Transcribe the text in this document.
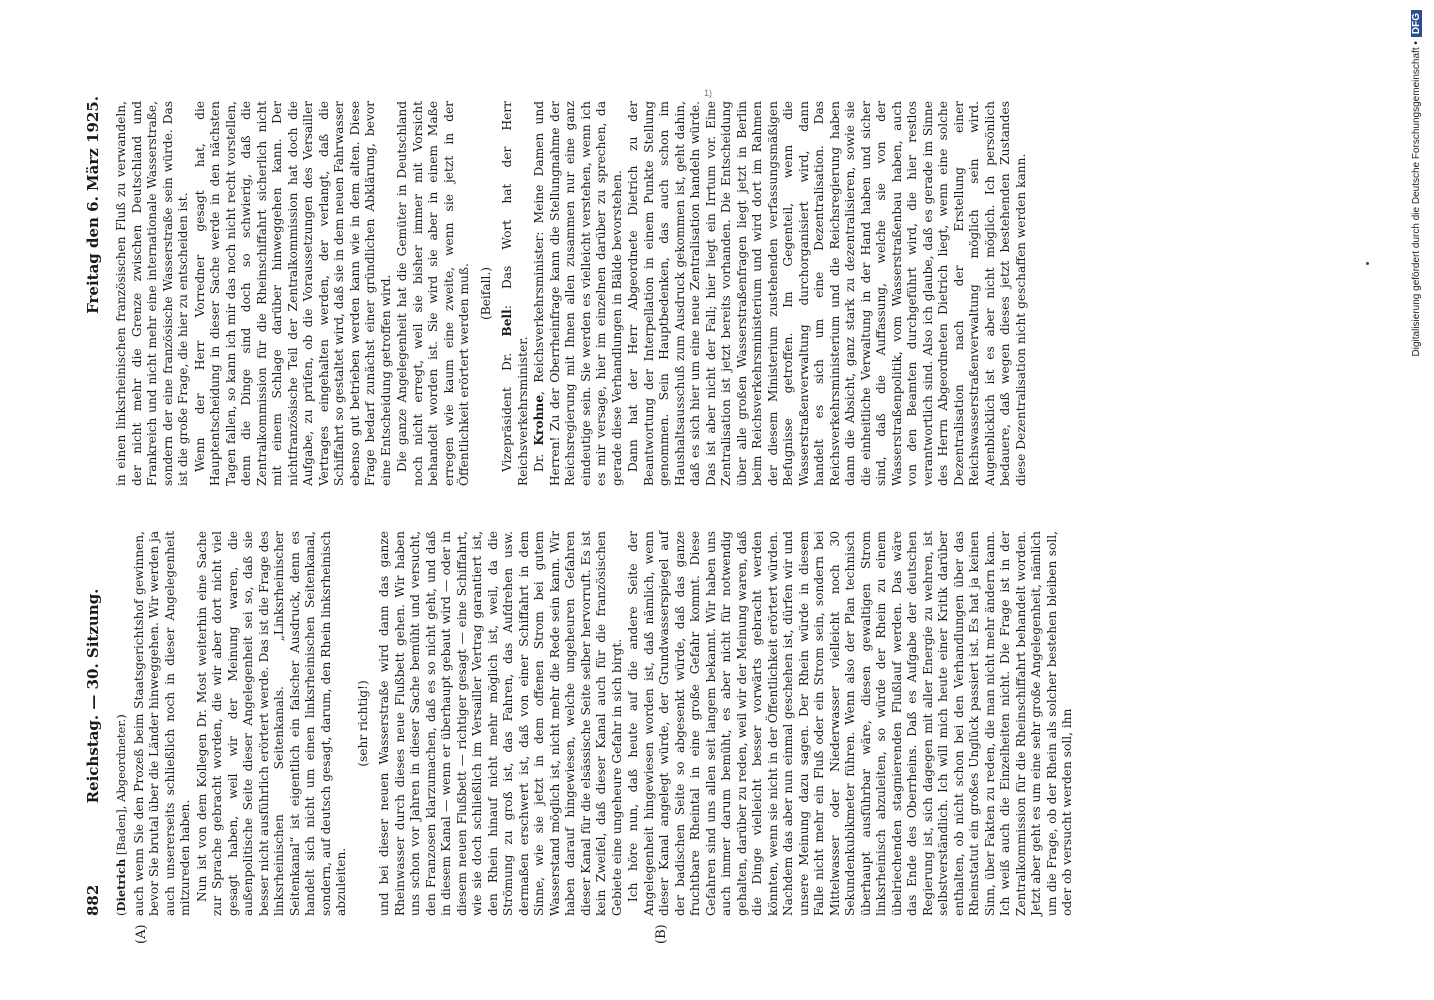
882
Reichstag. — 30. Sitzung.
Freitag den 6. März 1925.
(A)	(B)
(Dietrich [Baden], Abgeordneter.) auch wenn Sie den Prozeß beim Staatsgerichtshof gewinnen, bevor Sie brutal über die Länder hinweggehen. Wir werden ja auch unsererseits schließlich noch in dieser Angelegenheit mitzureden haben. Nun ist von dem Kollegen Dr. Most weiterhin eine Sache zur Sprache gebracht worden, die wir aber dort nicht viel gesagt haben, weil wir der Meinung waren, die außenpolitische Seite dieser Angelegenheit sei so, daß sie besser nicht ausführlich erörtert werde. Das ist die Frage des linksrheinischen Seitenkanals. „Linksrheinischer Seitenkanal“ ist eigentlich ein falscher Ausdruck, denn es handelt sich nicht um einen linksrheinischen Seitenkanal, sondern, auf deutsch gesagt, darum, den Rhein linksrheinisch abzuleiten.

(sehr richtig!) und bei dieser neuen Wasserstraße wird dann das ganze Rheinwasser durch dieses neue Flußbett gehen. Wir haben uns schon vor Jahren in dieser Sache bemüht und versucht, den Franzosen klarzumachen, daß es so nicht geht, und daß in diesem Kanal — wenn er überhaupt gebaut wird — oder in diesem neuen Flußbett — richtiger gesagt — eine Schiffahrt, wie sie doch schließlich im Versailler Vertrag garantiert ist, den Rhein hinauf nicht mehr möglich ist, weil, da die Strömung zu groß ist, das Fahren, das Aufdrehen usw. dermaßen erschwert ist, daß von einer Schiffahrt in dem Sinne, wie sie jetzt in dem offenen Strom bei gutem Wasserstand möglich ist, nicht mehr die Rede sein kann. Wir haben darauf hingewiesen, welche ungeheuren Gefahren dieser Kanal für die elsässische Seite selber hervorruft. Es ist kein Zweifel, daß dieser Kanal auch für die französischen Gebiete eine ungeheure Gefahr in sich birgt. Ich höre nun, daß heute auf die andere Seite der Angelegenheit hingewiesen worden ist, daß nämlich, wenn dieser Kanal angelegt würde, der Grundwasserspiegel auf der badischen Seite so abgesenkt würde, daß das ganze fruchtbare Rheintal in eine große Gefahr kommt. Diese Gefahren sind uns allen seit langem bekannt. Wir haben uns auch immer darum bemüht, es aber nicht für notwendig gehalten, darüber zu reden, weil wir der Meinung waren, daß die Dinge vielleicht besser vorwärts gebracht werden könnten, wenn sie nicht in der Öffentlichkeit erörtert würden. Nachdem das aber nun einmal geschehen ist, dürfen wir und unsere Meinung dazu sagen. Der Rhein würde in diesem Falle nicht mehr ein Fluß oder ein Strom sein, sondern bei Mittelwasser oder Niederwasser vielleicht noch 30 Sekundenkubikmeter führen. Wenn also der Plan technisch überhaupt ausführbar wäre, diesen gewaltigen Strom linksrheinisch abzuleiten, so würde der Rhein zu einem übelriechenden stagnierenden Flußlauf werden. Das wäre das Ende des Oberrheins. Daß es Aufgabe der deutschen Regierung ist, sich dagegen mit aller Energie zu wehren, ist selbstverständlich. Ich will mich heute einer Kritik darüber enthalten, ob nicht schon bei den Verhandlungen über das Rheinstatut ein großes Unglück passiert ist. Es hat ja keinen Sinn, über Fakten zu reden, die man nicht mehr ändern kann. Ich weiß auch die Einzelheiten nicht. Die Frage ist in der Zentralkommission für die Rheinschiffahrt behandelt worden. Jetzt aber geht es um eine sehr große Angelegenheit, nämlich um die Frage, ob der Rhein als solcher bestehen bleiben soll, oder ob versucht werden soll, ihn

in einen linksrheinischen französischen Fluß zu verwandeln, der nicht mehr die Grenze zwischen Deutschland und Frankreich und nicht mehr eine internationale Wasserstraße, sondern der eine französische Wasserstraße sein würde. Das ist die große Frage, die hier zu entscheiden ist. Wenn der Herr Vorredner gesagt hat, die Hauptentscheidung in dieser Sache werde in den nächsten Tagen fallen, so kann ich mir das noch nicht recht vorstellen, denn die Dinge sind doch so schwierig, daß die Zentralkommission für die Rheinschiffahrt sicherlich nicht mit einem Schlage darüber hinweggehen kann. Der nichtfranzösische Teil der Zentralkommission hat doch die Aufgabe, zu prüfen, ob die Voraussetzungen des Versailler Vertrages eingehalten werden, der verlangt, daß die Schiffahrt so gestaltet wird, daß sie in dem neuen Fahrwasser ebenso gut betrieben werden kann wie in dem alten. Diese Frage bedarf zunächst einer gründlichen Abklärung, bevor eine Entscheidung getroffen wird. Die ganze Angelegenheit hat die Gemüter in Deutschland noch nicht erregt, weil sie bisher immer mit Vorsicht behandelt worden ist. Sie wird sie aber in einem Maße erregen wie kaum eine zweite, wenn sie jetzt in der Öffentlichkeit erörtert werden muß. (Beifall.)

Vizepräsident Dr. Bell: Das Wort hat der Herr Reichsverkehrsminister. Dr. Krohne, Reichsverkehrsminister: Meine Damen und Herren! Zu der Oberrheinfrage kann die Stellungnahme der Reichsregierung mit Ihnen allen zusammen nur eine ganz eindeutige sein. Sie werden es vielleicht verstehen, wenn ich es mir versage, hier im einzelnen darüber zu sprechen, da gerade diese Verhandlungen in Bälde bevorstehen. Dann hat der Herr Abgeordnete Dietrich zu der Beantwortung der Interpellation in einem Punkte Stellung genommen. Sein Hauptbedenken, das auch schon im Haushaltsausschuß zum Ausdruck gekommen ist, geht dahin, daß es sich hier um eine neue Zentralisation handeln würde. Das ist aber nicht der Fall; hier liegt ein Irrtum vor. Eine Zentralisation ist jetzt bereits vorhanden. Die Entscheidung über alle großen Wasserstraßenfragen liegt jetzt in Berlin beim Reichsverkehrsministerium und wird dort im Rahmen der diesem Ministerium zustehenden verfassungsmäßigen Befugnisse getroffen. Im Gegenteil, wenn die Wasserstraßenverwaltung durchorganisiert wird, dann handelt es sich um eine Dezentralisation. Das Reichsverkehrsministerium und die Reichsregierung haben dann die Absicht, ganz stark zu dezentralisieren, sowie sie die einheitliche Verwaltung in der Hand haben und sicher sind, daß die Auffassung, welche sie von der Wasserstraßenpolitik, vom Wasserstraßenbau haben, auch von den Beamten durchgeführt wird, die hier restlos verantwortlich sind. Also ich glaube, daß es gerade im Sinne des Herrn Abgeordneten Dietrich liegt, wenn eine solche Dezentralisation nach der Erstellung einer Reichswasserstraßenverwaltung möglich sein wird. Augenblicklich ist es aber nicht möglich. Ich persönlich bedauere, daß wegen dieses jetzt bestehenden Zustandes diese Dezentralisation nicht geschaffen werden kann.

1)	Digitalisierung gefördert durch die Deutsche Forschungsgemeinschaft •
DFG
